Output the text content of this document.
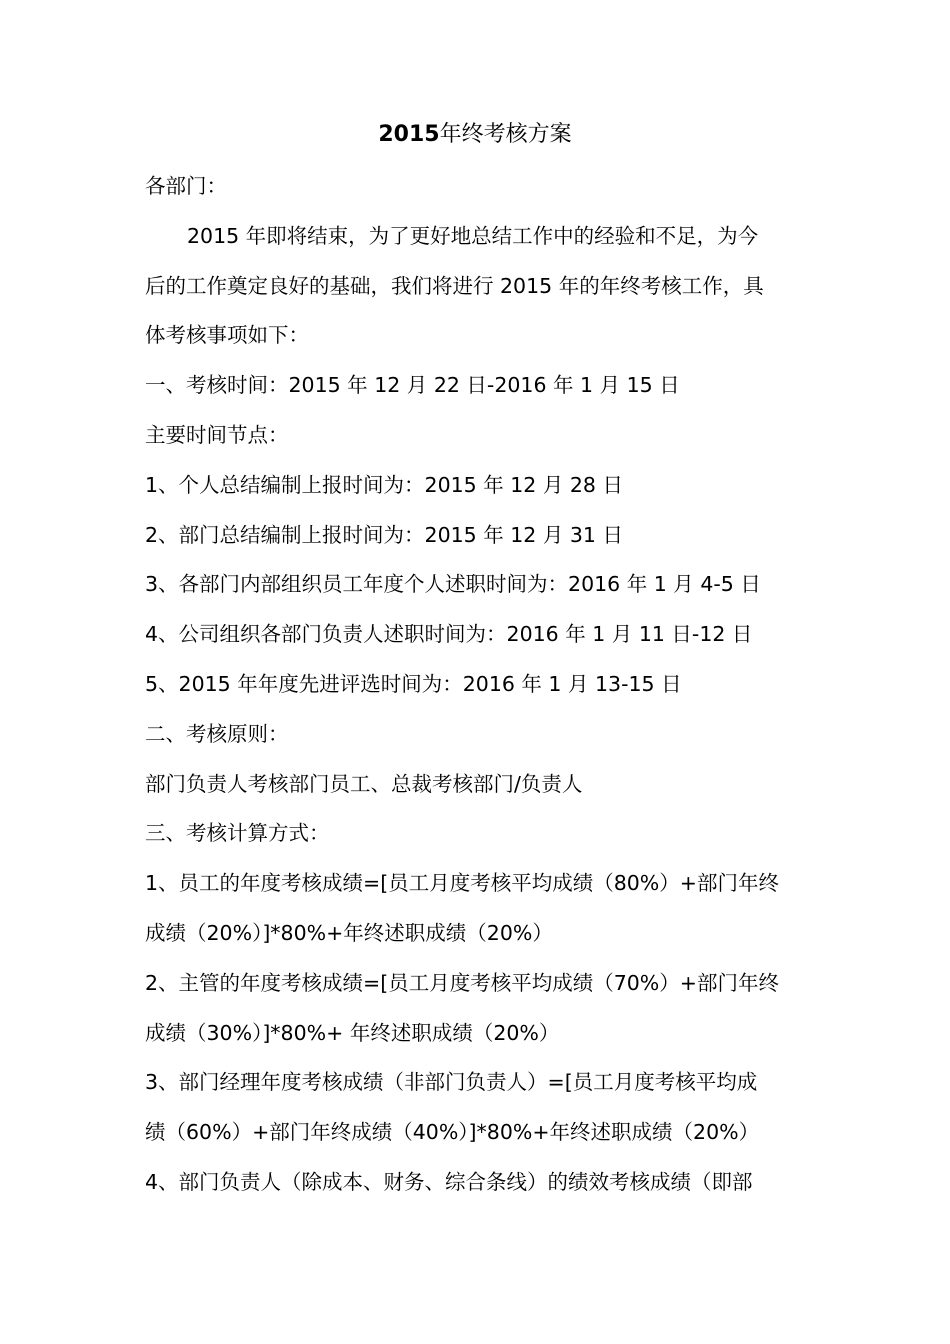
2015年终考核方案
各部门：
2015 年即将结束，为了更好地总结工作中的经验和不足，为今
后的工作奠定良好的基础，我们将进行 2015 年的年终考核工作，具
体考核事项如下：
一、考核时间：2015 年 12 月 22 日-2016 年 1 月 15 日
主要时间节点：
1、个人总结编制上报时间为：2015 年 12 月 28 日
2、部门总结编制上报时间为：2015 年 12 月 31 日
3、各部门内部组织员工年度个人述职时间为：2016 年 1 月 4-5 日
4、公司组织各部门负责人述职时间为：2016 年 1 月 11 日-12 日
5、2015 年年度先进评选时间为：2016 年 1 月 13-15 日
二、考核原则：
部门负责人考核部门员工、总裁考核部门/负责人
三、考核计算方式：
1、员工的年度考核成绩=[员工月度考核平均成绩（80%）+部门年终
成绩（20%）]*80%+年终述职成绩（20%）
2、主管的年度考核成绩=[员工月度考核平均成绩（70%）+部门年终
成绩（30%）]*80%+ 年终述职成绩（20%）
3、部门经理年度考核成绩（非部门负责人）=[员工月度考核平均成
绩（60%）+部门年终成绩（40%）]*80%+年终述职成绩（20%）
4、部门负责人（除成本、财务、综合条线）的绩效考核成绩（即部
